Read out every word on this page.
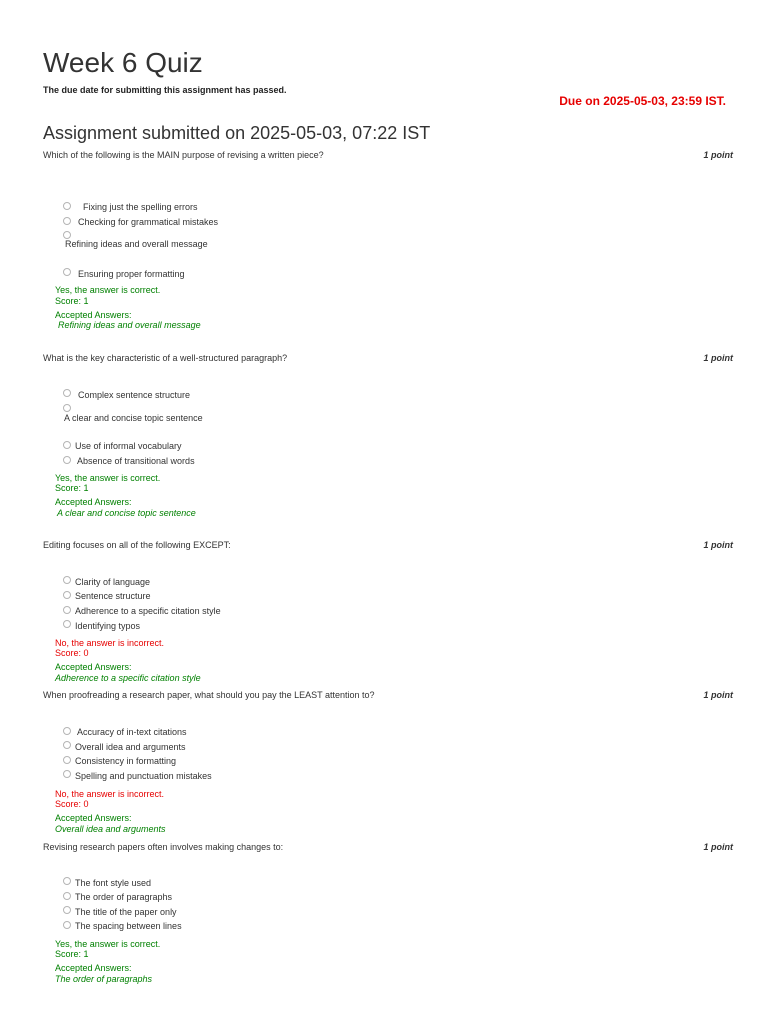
Week 6 Quiz
The due date for submitting this assignment has passed.
Due on 2025-05-03, 23:59 IST.
Assignment submitted on 2025-05-03, 07:22 IST
Which of the following is the MAIN purpose of revising a written piece?	1 point
Fixing just the spelling errors
Checking for grammatical mistakes
Refining ideas and overall message
Ensuring proper formatting
Yes, the answer is correct.
Score: 1
Accepted Answers:
Refining ideas and overall message
What is the key characteristic of a well-structured paragraph?	1 point
Complex sentence structure
A clear and concise topic sentence
Use of informal vocabulary
Absence of transitional words
Yes, the answer is correct.
Score: 1
Accepted Answers:
A clear and concise topic sentence
Editing focuses on all of the following EXCEPT:	1 point
Clarity of language
Sentence structure
Adherence to a specific citation style
Identifying typos
No, the answer is incorrect.
Score: 0
Accepted Answers:
Adherence to a specific citation style
When proofreading a research paper, what should you pay the LEAST attention to?	1 point
Accuracy of in-text citations
Overall idea and arguments
Consistency in formatting
Spelling and punctuation mistakes
No, the answer is incorrect.
Score: 0
Accepted Answers:
Overall idea and arguments
Revising research papers often involves making changes to:	1 point
The font style used
The order of paragraphs
The title of the paper only
The spacing between lines
Yes, the answer is correct.
Score: 1
Accepted Answers:
The order of paragraphs
